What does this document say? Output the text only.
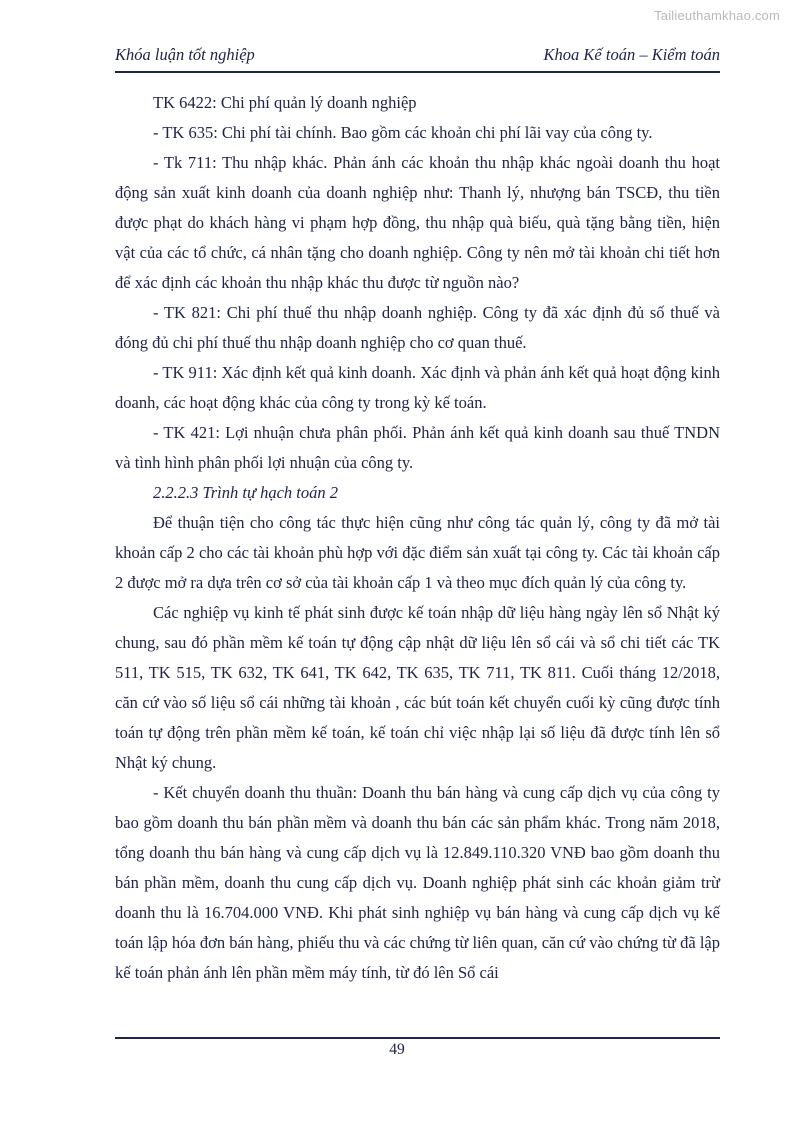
Tailieuthamkhao.com
Khóa luận tốt nghiệp	Khoa Kế toán – Kiểm toán

TK 6422: Chi phí quản lý doanh nghiệp

- TK 635: Chi phí tài chính. Bao gồm các khoản chi phí lãi vay của công ty.

- Tk 711: Thu nhập khác. Phản ánh các khoản thu nhập khác ngoài doanh thu hoạt động sản xuất kinh doanh của doanh nghiệp như: Thanh lý, nhượng bán TSCĐ, thu tiền được phạt do khách hàng vi phạm hợp đồng, thu nhập quà biếu, quà tặng bằng tiền, hiện vật của các tổ chức, cá nhân tặng cho doanh nghiệp. Công ty nên mở tài khoản chi tiết hơn để xác định các khoản thu nhập khác thu được từ nguồn nào?

- TK 821: Chi phí thuế thu nhập doanh nghiệp. Công ty đã xác định đủ số thuế và đóng đủ chi phí thuế thu nhập doanh nghiệp cho cơ quan thuế.

- TK 911: Xác định kết quả kinh doanh. Xác định và phản ánh kết quả hoạt động kinh doanh, các hoạt động khác của công ty trong kỳ kế toán.

- TK 421: Lợi nhuận chưa phân phối. Phản ánh kết quả kinh doanh sau thuế TNDN và tình hình phân phối lợi nhuận của công ty.

2.2.2.3 Trình tự hạch toán 2

Để thuận tiện cho công tác thực hiện cũng như công tác quản lý, công ty đã mở tài khoản cấp 2 cho các tài khoản phù hợp với đặc điểm sản xuất tại công ty. Các tài khoản cấp 2 được mở ra dựa trên cơ sở của tài khoản cấp 1 và theo mục đích quản lý của công ty.

Các nghiệp vụ kinh tế phát sinh được kế toán nhập dữ liệu hàng ngày lên sổ Nhật ký chung, sau đó phần mềm kế toán tự động cập nhật dữ liệu lên sổ cái và sổ chi tiết các TK 511, TK 515, TK 632, TK 641, TK 642, TK 635, TK 711, TK 811. Cuối tháng 12/2018, căn cứ vào số liệu sổ cái những tài khoản , các bút toán kết chuyển cuối kỳ cũng được tính toán tự động trên phần mềm kế toán, kế toán chỉ việc nhập lại số liệu đã được tính lên sổ Nhật ký chung.

- Kết chuyển doanh thu thuần: Doanh thu bán hàng và cung cấp dịch vụ của công ty bao gồm doanh thu bán phần mềm và doanh thu bán các sản phẩm khác. Trong năm 2018, tổng doanh thu bán hàng và cung cấp dịch vụ là 12.849.110.320 VNĐ bao gồm doanh thu bán phần mềm, doanh thu cung cấp dịch vụ. Doanh nghiệp phát sinh các khoản giảm trừ doanh thu là 16.704.000 VNĐ. Khi phát sinh nghiệp vụ bán hàng và cung cấp dịch vụ kế toán lập hóa đơn bán hàng, phiếu thu và các chứng từ liên quan, căn cứ vào chứng từ đã lập kế toán phản ánh lên phần mềm máy tính, từ đó lên Sổ cái

49
